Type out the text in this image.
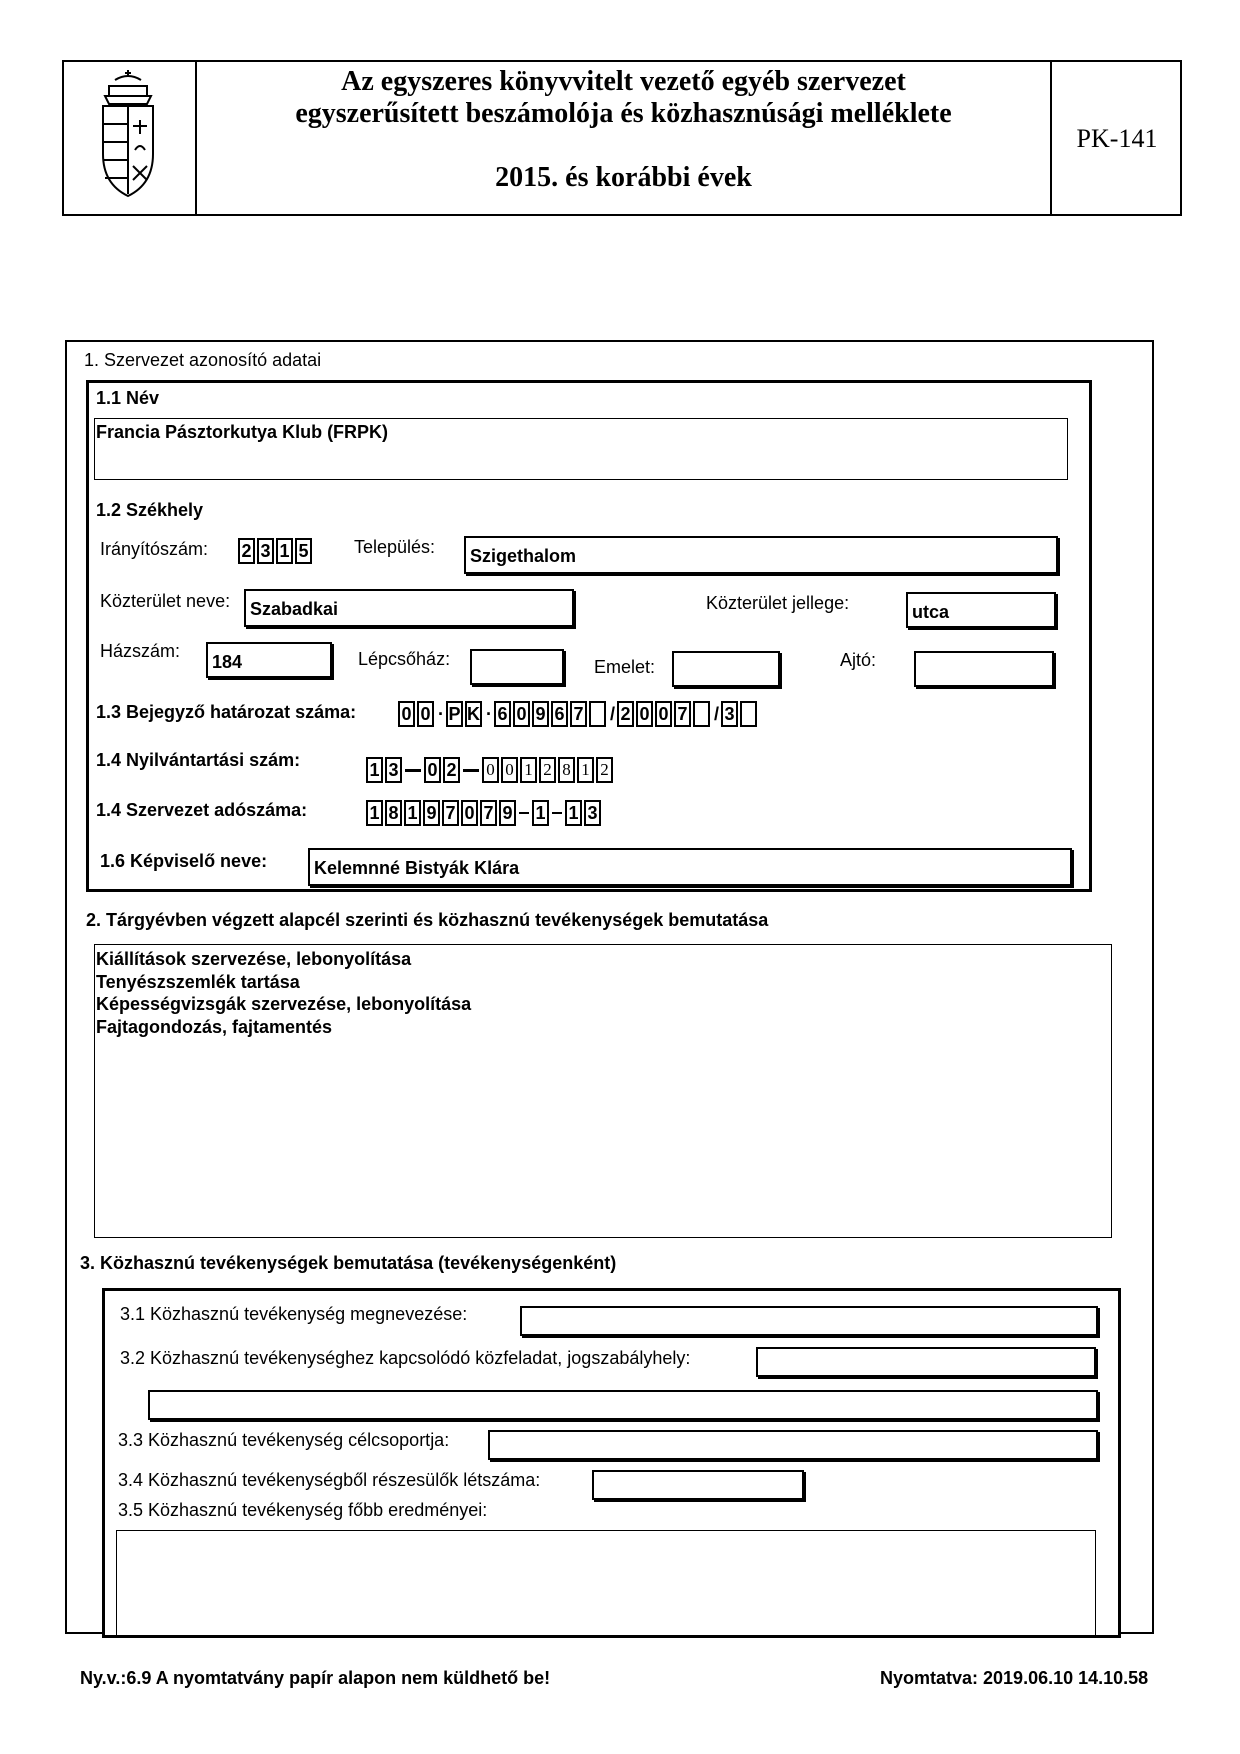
Az egyszeres könyvvitelt vezető egyéb szervezet
egyszerűsített beszámolója és közhasznúsági melléklete
2015. és korábbi évek
PK-141
1. Szervezet azonosító adatai
1.1 Név
Francia Pásztorkutya Klub (FRPK)
1.2 Székhely
Irányítószám: 2 3 1 5	Település:	Szigethalom
Közterület neve:	Szabadkai	Közterület jellege:	utca
Házszám:
184	Lépcsőház:	Emelet:	Ajtó:
1.3 Bejegyző határozat száma:	0 0 · P K · 6 0 9 6 7 / 2 0 0 7 / 3
1.4 Nyilvántartási szám:	1 3 0 2 0 0 1 2 8 1 2
1.4 Szervezet adószáma:	1 8 1 9 7 0 7 9 1 1 3
1.6 Képviselő neve:	Kelemnné Bistyák Klára
2. Tárgyévben végzett alapcél szerinti és közhasznú tevékenységek bemutatása
Kiállítások szervezése, lebonyolítása
Tenyészszemlék tartása
Képességvizsgák szervezése, lebonyolítása
Fajtagondozás, fajtamentés
3. Közhasznú tevékenységek bemutatása (tevékenységenként)
3.1 Közhasznú tevékenység megnevezése:
3.2 Közhasznú tevékenységhez kapcsolódó közfeladat, jogszabályhely:
3.3 Közhasznú tevékenység célcsoportja:
3.4 Közhasznú tevékenységből részesülők létszáma:
3.5 Közhasznú tevékenység főbb eredményei:
Ny.v.:6.9 A nyomtatvány papír alapon nem küldhető be!	Nyomtatva: 2019.06.10 14.10.58
